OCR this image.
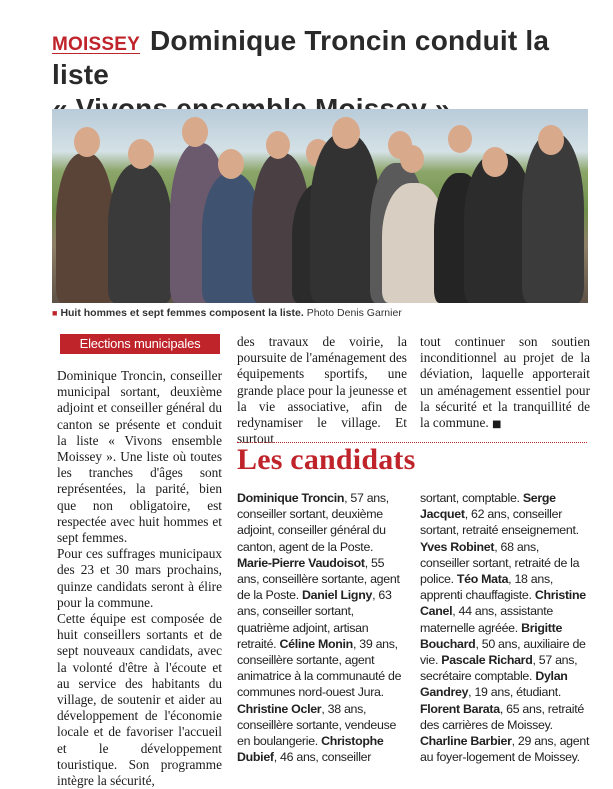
MOISSEY Dominique Troncin conduit la liste
■ Huit hommes et sept femmes composent la liste. Photo Denis Garnier
Elections municipales

Dominique Troncin, conseiller municipal sortant, deuxième adjoint et conseiller général du canton se présente et conduit la liste « Vivons ensemble Moissey ». Une liste où toutes les tranches d'âges sont représentées, la parité, bien que non obligatoire, est respectée avec huit hommes et sept femmes.

Pour ces suffrages municipaux des 23 et 30 mars prochains, quinze candidats seront à élire pour la commune.

Cette équipe est composée de huit conseillers sortants et de sept nouveaux candidats, avec la volonté d'être à l'écoute et au service des habitants du village, de soutenir et aider au développement de l'économie locale et de favoriser l'accueil et le développement touristique. Son programme intègre la sécurité,

des travaux de voirie, la poursuite de l'aménagement des équipements sportifs, une grande place pour la jeunesse et la vie associative, afin de redynamiser le village. Et surtout
tout continuer son soutien inconditionnel au projet de la déviation, laquelle apporterait un aménagement essentiel pour la sécurité et la tranquillité de la commune. ■
Les candidats
Dominique Troncin, 57 ans, conseiller sortant, deuxième adjoint, conseiller général du canton, agent de la Poste. Marie-Pierre Vaudoisot, 55 ans, conseillère sortante, agent de la Poste. Daniel Ligny, 63 ans, conseiller sortant, quatrième adjoint, artisan retraité. Céline Monin, 39 ans, conseillère sortante, agent animatrice à la communauté de communes nord-ouest Jura. Christine Ocler, 38 ans, conseillère sortante, vendeuse en boulangerie. Christophe Dubief, 46 ans, conseiller
sortant, comptable. Serge Jacquet, 62 ans, conseiller sortant, retraité enseignement. Yves Robinet, 68 ans, conseiller sortant, retraité de la police. Téo Mata, 18 ans, apprenti chauffagiste. Christine Canel, 44 ans, assistante maternelle agréée. Brigitte Bouchard, 50 ans, auxiliaire de vie. Pascale Richard, 57 ans, secrétaire comptable. Dylan Gandrey, 19 ans, étudiant. Florent Barata, 65 ans, retraité des carrières de Moissey. Charline Barbier, 29 ans, agent au foyer-logement de Moissey.
